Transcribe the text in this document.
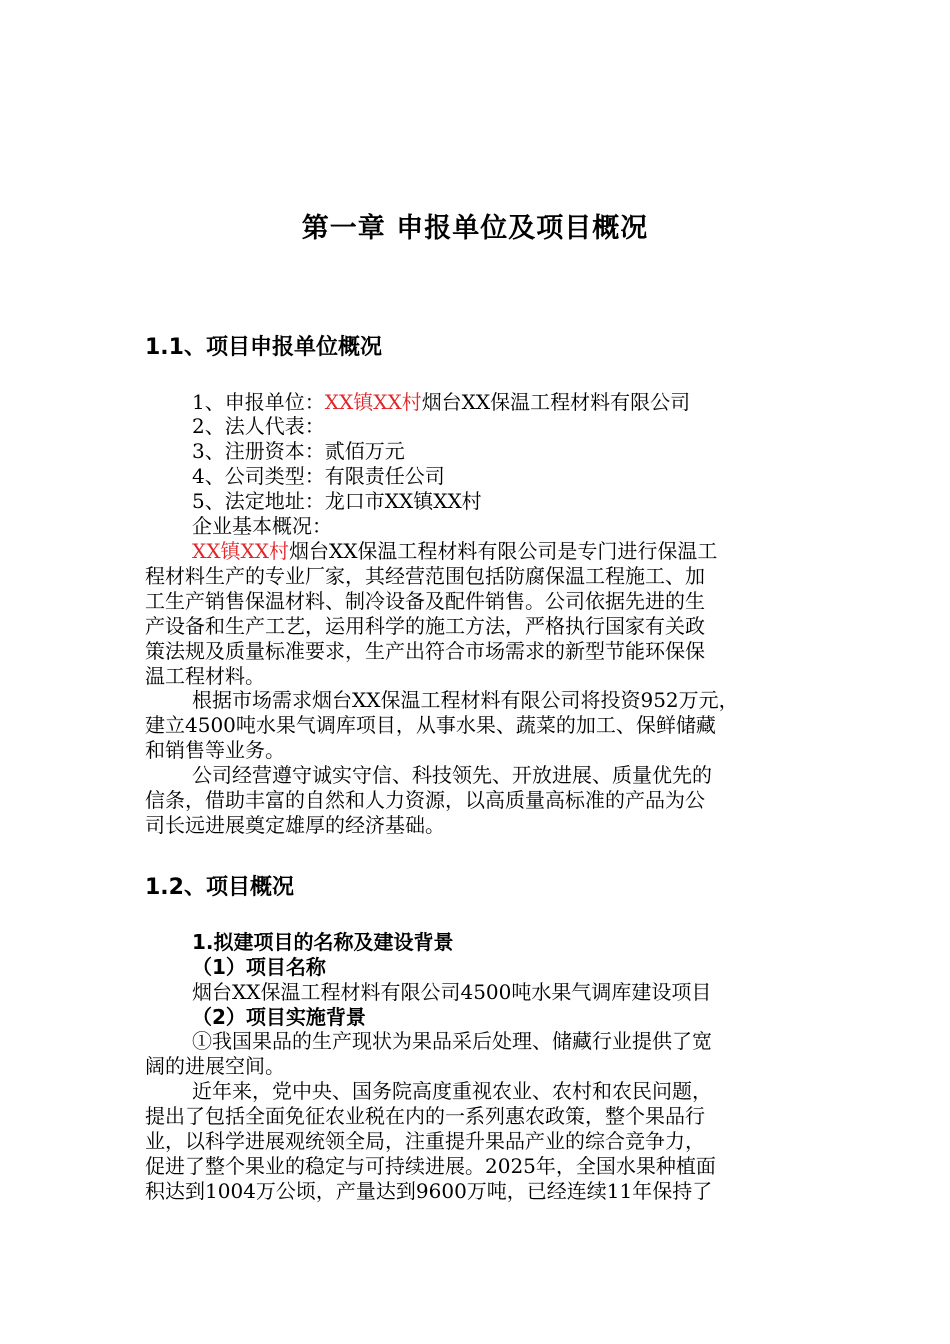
第一章 申报单位及项目概况
1.1、项目申报单位概况
1、申报单位：XX镇XX村烟台XX保温工程材料有限公司
2、法人代表：
3、注册资本：贰佰万元
4、公司类型：有限责任公司
5、法定地址：龙口市XX镇XX村
企业基本概况：
XX镇XX村烟台XX保温工程材料有限公司是专门进行保温工
程材料生产的专业厂家，其经营范围包括防腐保温工程施工、加
工生产销售保温材料、制冷设备及配件销售。公司依据先进的生
产设备和生产工艺，运用科学的施工方法，严格执行国家有关政
策法规及质量标准要求，生产出符合市场需求的新型节能环保保
温工程材料。
根据市场需求烟台XX保温工程材料有限公司将投资952万元，
建立4500吨水果气调库项目，从事水果、蔬菜的加工、保鲜储藏
和销售等业务。
公司经营遵守诚实守信、科技领先、开放进展、质量优先的
信条，借助丰富的自然和人力资源，以高质量高标准的产品为公
司长远进展奠定雄厚的经济基础。
1.2、项目概况
1.拟建项目的名称及建设背景
（1）项目名称
烟台XX保温工程材料有限公司4500吨水果气调库建设项目
（2）项目实施背景
①我国果品的生产现状为果品采后处理、储藏行业提供了宽
阔的进展空间。
近年来，党中央、国务院高度重视农业、农村和农民问题，
提出了包括全面免征农业税在内的一系列惠农政策，整个果品行
业，以科学进展观统领全局，注重提升果品产业的综合竞争力，
促进了整个果业的稳定与可持续进展。2025年，全国水果种植面
积达到1004万公顷，产量达到9600万吨，已经连续11年保持了
